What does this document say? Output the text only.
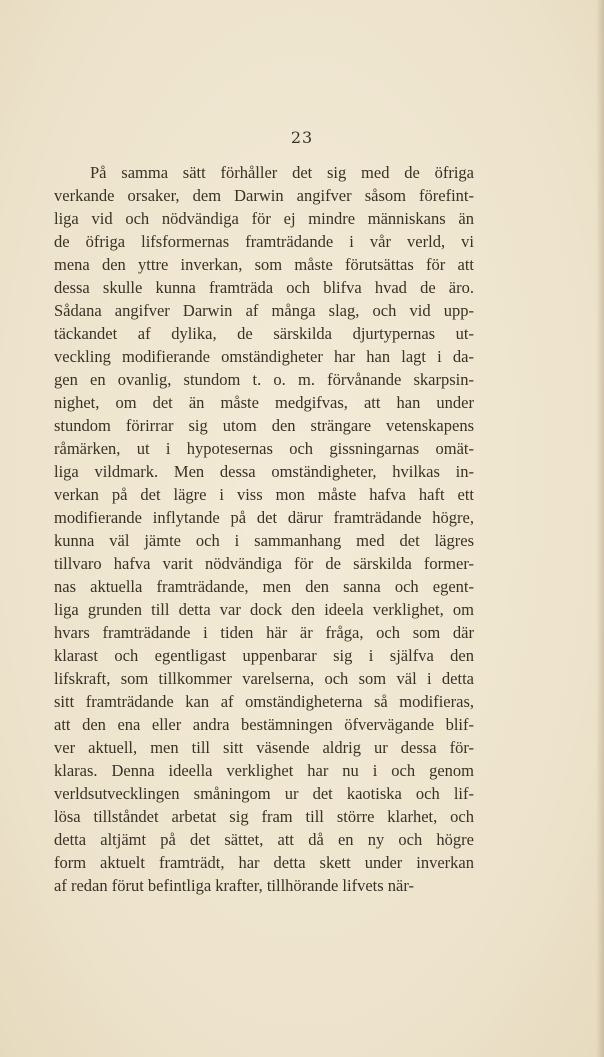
23
På samma sätt förhåller det sig med de öfriga
verkande orsaker, dem Darwin angifver såsom förefint-
liga vid och nödvändiga för ej mindre människans än
de öfriga lifsformernas framträdande i vår verld, vi
mena den yttre inverkan, som måste förutsättas för att
dessa skulle kunna framträda och blifva hvad de äro.
Sådana angifver Darwin af många slag, och vid upp-
täckandet af dylika, de särskilda djurtypernas ut-
veckling modifierande omständigheter har han lagt i da-
gen en ovanlig, stundom t. o. m. förvånande skarpsin-
nighet, om det än måste medgifvas, att han under
stundom förirrar sig utom den strängare vetenskapens
råmärken, ut i hypotesernas och gissningarnas omät-
liga vildmark. Men dessa omständigheter, hvilkas in-
verkan på det lägre i viss mon måste hafva haft ett
modifierande inflytande på det därur framträdande högre,
kunna väl jämte och i sammanhang med det lägres
tillvaro hafva varit nödvändiga för de särskilda former-
nas aktuella framträdande, men den sanna och egent-
liga grunden till detta var dock den ideela verklighet, om
hvars framträdande i tiden här är fråga, och som där
klarast och egentligast uppenbarar sig i själfva den
lifskraft, som tillkommer varelserna, och som väl i detta
sitt framträdande kan af omständigheterna så modifieras,
att den ena eller andra bestämningen öfvervägande blif-
ver aktuell, men till sitt väsende aldrig ur dessa för-
klaras. Denna ideella verklighet har nu i och genom
verldsutvecklingen småningom ur det kaotiska och lif-
lösa tillståndet arbetat sig fram till större klarhet, och
detta altjämt på det sättet, att då en ny och högre
form aktuelt framträdt, har detta skett under inverkan
af redan förut befintliga krafter, tillhörande lifvets när-
